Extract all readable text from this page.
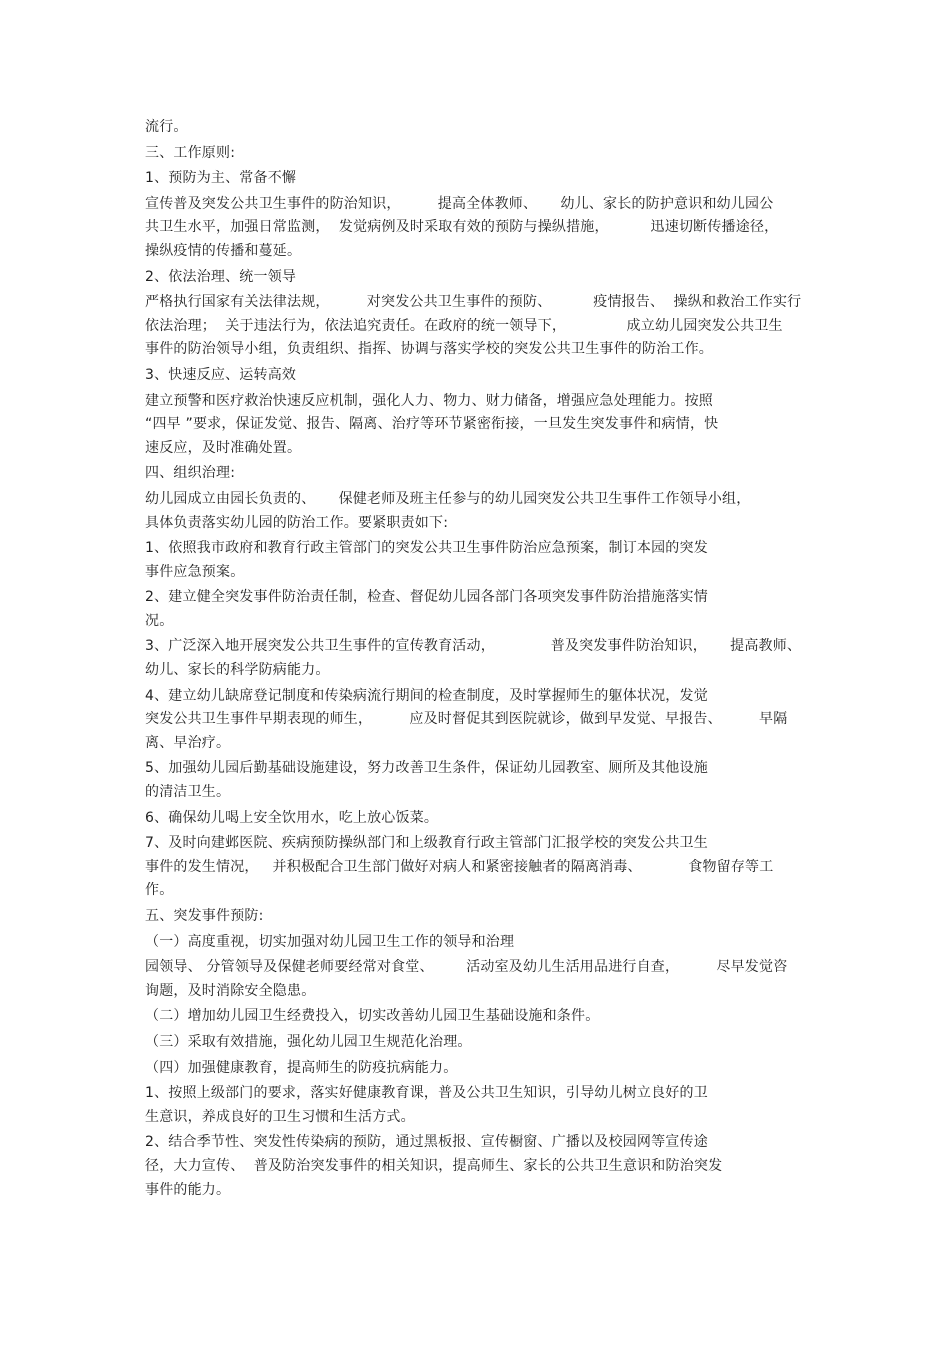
流行。
三、工作原则:
1、预防为主、常备不懈
宣传普及突发公共卫生事件的防治知识，        提高全体教师、     幼儿、家长的防护意识和幼儿园公
共卫生水平，加强日常监测，  发觉病例及时采取有效的预防与操纵措施，         迅速切断传播途径，
操纵疫情的传播和蔓延。
2、依法治理、统一领导
严格执行国家有关法律法规，        对突发公共卫生事件的预防、         疫情报告、  操纵和救治工作实行
依法治理；  关于违法行为，依法追究责任。在政府的统一领导下，             成立幼儿园突发公共卫生
事件的防治领导小组，负责组织、指挥、协调与落实学校的突发公共卫生事件的防治工作。
3、快速反应、运转高效
建立预警和医疗救治快速反应机制，强化人力、物力、财力储备，增强应急处理能力。按照
“四早 ”要求，保证发觉、报告、隔离、治疗等环节紧密衔接，一旦发生突发事件和病情，快
速反应，及时准确处置。
四、组织治理:
幼儿园成立由园长负责的、     保健老师及班主任参与的幼儿园突发公共卫生事件工作领导小组，
具体负责落实幼儿园的防治工作。要紧职责如下:
1、依照我市政府和教育行政主管部门的突发公共卫生事件防治应急预案，制订本园的突发
事件应急预案。
2、建立健全突发事件防治责任制，检查、督促幼儿园各部门各项突发事件防治措施落实情
况。
3、广泛深入地开展突发公共卫生事件的宣传教育活动，            普及突发事件防治知识，     提高教师、
幼儿、家长的科学防病能力。
4、建立幼儿缺席登记制度和传染病流行期间的检查制度，及时掌握师生的躯体状况，发觉
突发公共卫生事件早期表现的师生，        应及时督促其到医院就诊，做到早发觉、早报告、        早隔
离、早治疗。
5、加强幼儿园后勤基础设施建设，努力改善卫生条件，保证幼儿园教室、厕所及其他设施
的清洁卫生。
6、确保幼儿喝上安全饮用水，吃上放心饭菜。
7、及时向建邺医院、疾病预防操纵部门和上级教育行政主管部门汇报学校的突发公共卫生
事件的发生情况，   并积极配合卫生部门做好对病人和紧密接触者的隔离消毒、          食物留存等工
作。
五、突发事件预防:
（一）高度重视，切实加强对幼儿园卫生工作的领导和治理
园领导、 分管领导及保健老师要经常对食堂、       活动室及幼儿生活用品进行自查，        尽早发觉咨
询题，及时消除安全隐患。
（二）增加幼儿园卫生经费投入，切实改善幼儿园卫生基础设施和条件。
（三）采取有效措施，强化幼儿园卫生规范化治理。
（四）加强健康教育，提高师生的防疫抗病能力。
1、按照上级部门的要求，落实好健康教育课，普及公共卫生知识，引导幼儿树立良好的卫
生意识，养成良好的卫生习惯和生活方式。
2、结合季节性、突发性传染病的预防，通过黑板报、宣传橱窗、广播以及校园网等宣传途
径，大力宣传、  普及防治突发事件的相关知识，提高师生、家长的公共卫生意识和防治突发
事件的能力。
